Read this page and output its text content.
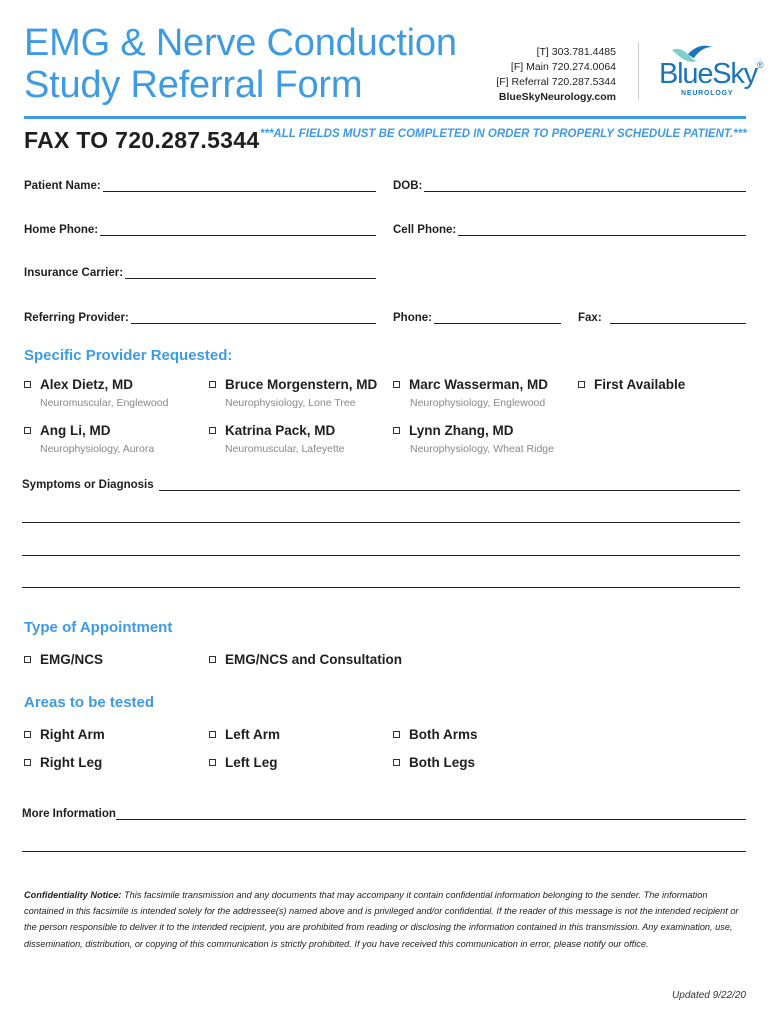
EMG & Nerve Conduction
Study Referral Form
[T] 303.781.4485
[F] Main 720.274.0064
[F] Referral 720.287.5344
BlueSkyNeurology.com
BlueSky®
NEUROLOGY
FAX TO 720.287.5344 ***ALL FIELDS MUST BE COMPLETED IN ORDER TO PROPERLY SCHEDULE PATIENT.***
Patient Name:	DOB:
Home Phone:	Cell Phone:
Insurance Carrier:
Referring Provider:	Phone:	Fax:
Specific Provider Requested:
Alex Dietz, MD
Neuromuscular, Englewood
Bruce Morgenstern, MD
Neurophysiology, Lone Tree
Marc Wasserman, MD
Neurophysiology, Englewood
First Available
Ang Li, MD
Neurophysiology, Aurora
Katrina Pack, MD
Neuromuscular, Lafeyette
Lynn Zhang, MD
Neurophysiology, Wheat Ridge
Symptoms or Diagnosis
Type of Appointment
EMG/NCS	EMG/NCS and Consultation
Areas to be tested
Right Arm	Left Arm	Both Arms
Right Leg	Left Leg	Both Legs
More Information
Confidentiality Notice: This facsimile transmission and any documents that may accompany it contain confidential information belonging to the sender. The information contained in this facsimile is intended solely for the addressee(s) named above and is privileged and/or confidential. If the reader of this message is not the intended recipient or the person responsible to deliver it to the intended recipient, you are prohibited from reading or disclosing the information contained in this transmission. Any examination, use, dissemination, distribution, or copying of this communication is strictly prohibited. If you have received this communication in error, please notify our office.
Updated 9/22/20
